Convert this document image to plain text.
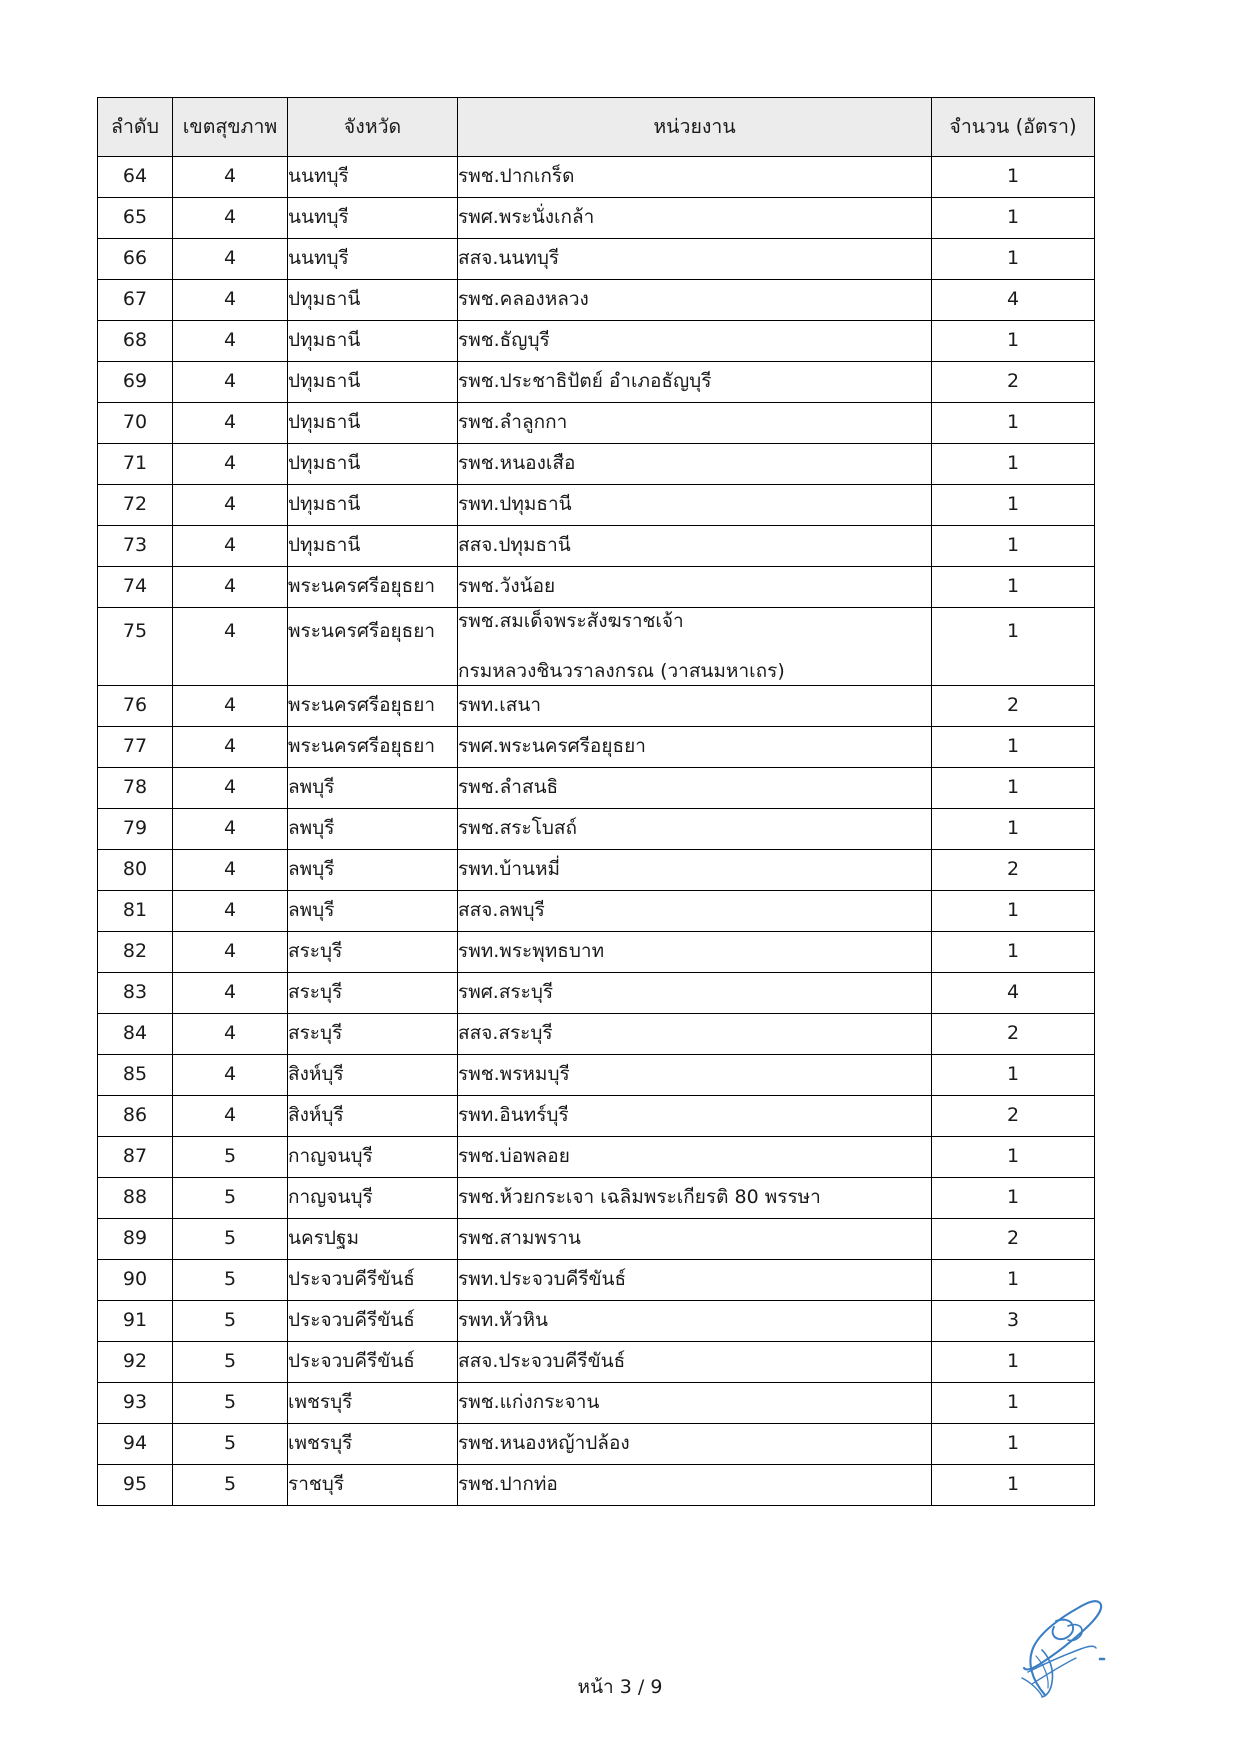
ลำดับ	เขตสุขภาพ	จังหวัด	หน่วยงาน	จำนวน (อัตรา)
64	4	นนทบุรี	รพช.ปากเกร็ด	1
65	4	นนทบุรี	รพศ.พระนั่งเกล้า	1
66	4	นนทบุรี	สสจ.นนทบุรี	1
67	4	ปทุมธานี	รพช.คลองหลวง	4
68	4	ปทุมธานี	รพช.ธัญบุรี	1
69	4	ปทุมธานี	รพช.ประชาธิปัตย์ อำเภอธัญบุรี	2
70	4	ปทุมธานี	รพช.ลำลูกกา	1
71	4	ปทุมธานี	รพช.หนองเสือ	1
72	4	ปทุมธานี	รพท.ปทุมธานี	1
73	4	ปทุมธานี	สสจ.ปทุมธานี	1
74	4	พระนครศรีอยุธยา	รพช.วังน้อย	1
75	4	พระนครศรีอยุธยา	รพช.สมเด็จพระสังฆราชเจ้า
กรมหลวงชินวราลงกรณ (วาสนมหาเถร)	1
76	4	พระนครศรีอยุธยา	รพท.เสนา	2
77	4	พระนครศรีอยุธยา	รพศ.พระนครศรีอยุธยา	1
78	4	ลพบุรี	รพช.ลำสนธิ	1
79	4	ลพบุรี	รพช.สระโบสถ์	1
80	4	ลพบุรี	รพท.บ้านหมี่	2
81	4	ลพบุรี	สสจ.ลพบุรี	1
82	4	สระบุรี	รพท.พระพุทธบาท	1
83	4	สระบุรี	รพศ.สระบุรี	4
84	4	สระบุรี	สสจ.สระบุรี	2
85	4	สิงห์บุรี	รพช.พรหมบุรี	1
86	4	สิงห์บุรี	รพท.อินทร์บุรี	2
87	5	กาญจนบุรี	รพช.บ่อพลอย	1
88	5	กาญจนบุรี	รพช.ห้วยกระเจา เฉลิมพระเกียรติ 80 พรรษา	1
89	5	นครปฐม	รพช.สามพราน	2
90	5	ประจวบคีรีขันธ์	รพท.ประจวบคีรีขันธ์	1
91	5	ประจวบคีรีขันธ์	รพท.หัวหิน	3
92	5	ประจวบคีรีขันธ์	สสจ.ประจวบคีรีขันธ์	1
93	5	เพชรบุรี	รพช.แก่งกระจาน	1
94	5	เพชรบุรี	รพช.หนองหญ้าปล้อง	1
95	5	ราชบุรี	รพช.ปากท่อ	1
หน้า 3 / 9
